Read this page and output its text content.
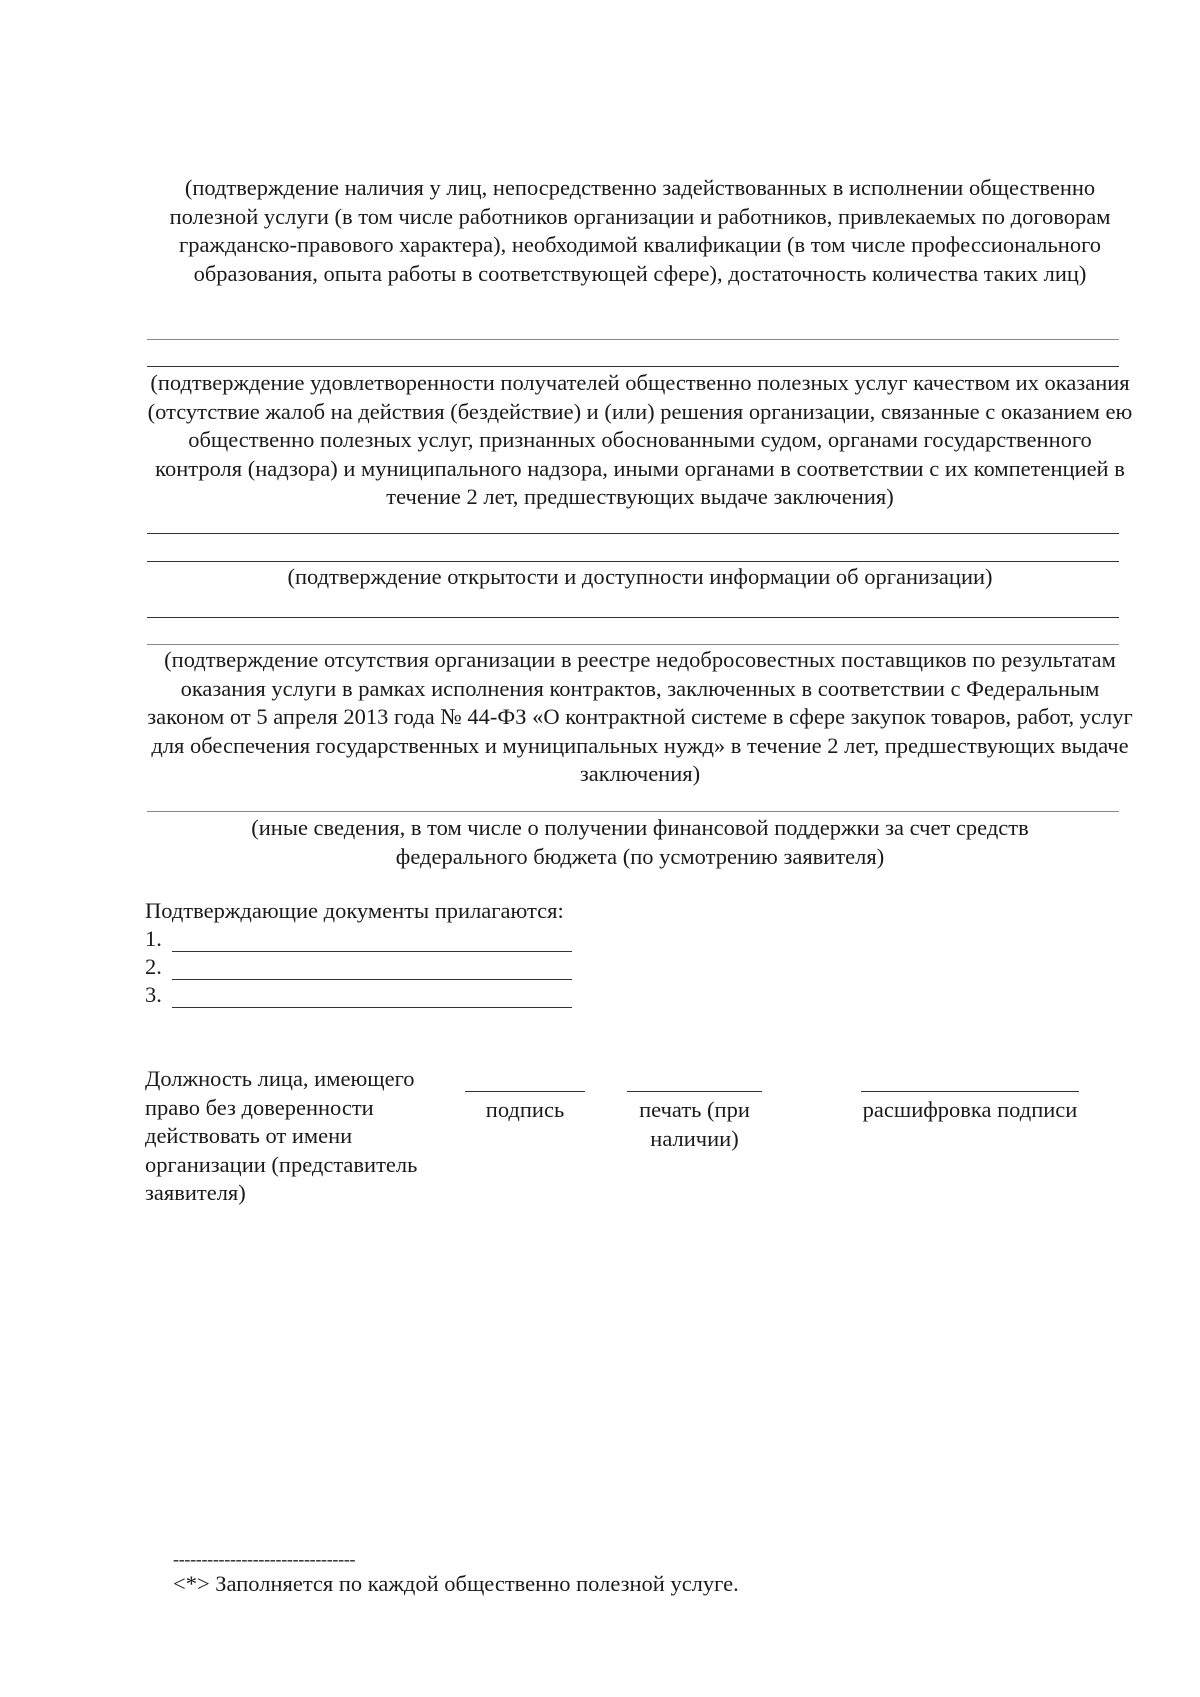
(подтверждение наличия у лиц, непосредственно задействованных в исполнении общественно полезной услуги (в том числе работников организации и работников, привлекаемых по договорам гражданско-правового характера), необходимой квалификации (в том числе профессионального образования, опыта работы в соответствующей сфере), достаточность количества таких лиц)

(подтверждение удовлетворенности получателей общественно полезных услуг качеством их оказания (отсутствие жалоб на действия (бездействие) и (или) решения организации, связанные с оказанием ею общественно полезных услуг, признанных обоснованными судом, органами государственного контроля (надзора) и муниципального надзора, иными органами в соответствии с их компетенцией в течение 2 лет, предшествующих выдаче заключения)

(подтверждение открытости и доступности информации об организации)

(подтверждение отсутствия организации в реестре недобросовестных поставщиков по результатам оказания услуги в рамках исполнения контрактов, заключенных в соответствии с Федеральным законом от 5 апреля 2013 года № 44-ФЗ «О контрактной системе в сфере закупок товаров, работ, услуг для обеспечения государственных и муниципальных нужд» в течение 2 лет, предшествующих выдаче заключения)

(иные сведения, в том числе о получении финансовой поддержки за счет средств федерального бюджета (по усмотрению заявителя)

Подтверждающие документы прилагаются:

1.

2.

3.

Должность лица, имеющего право без доверенности действовать от имени организации (представитель заявителя)

подпись	печать (при наличии)

расшифровка подписи

--------------------------------

<*> Заполняется по каждой общественно полезной услуге.
